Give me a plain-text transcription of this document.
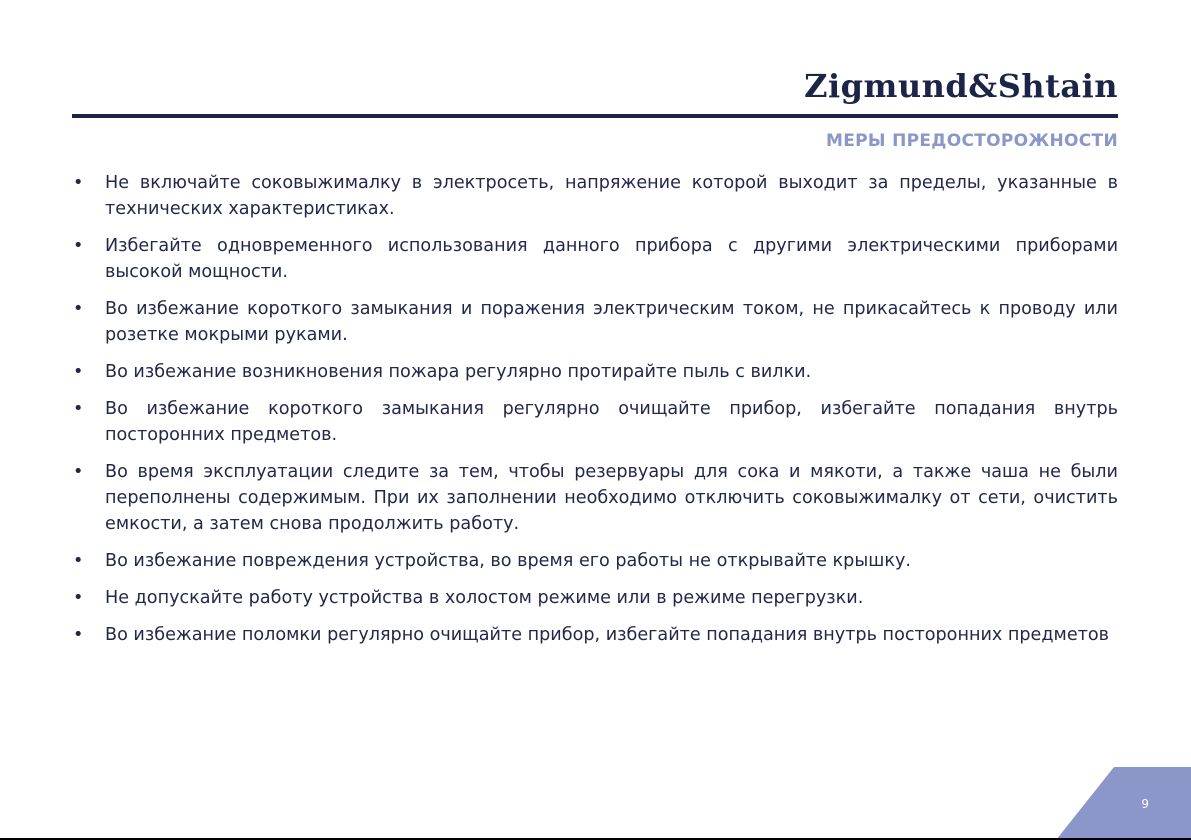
Zigmund&Shtain
МЕРЫ ПРЕДОСТОРОЖНОСТИ
• Не включайте соковыжималку в электросеть, напряжение которой выходит за пределы, указанные в технических характеристиках.
• Избегайте одновременного использования данного прибора с другими электрическими приборами высокой мощности.
• Во избежание короткого замыкания и поражения электрическим током, не прикасайтесь к проводу или розетке мокрыми руками.
• Во избежание возникновения пожара регулярно протирайте пыль с вилки.
• Во избежание короткого замыкания регулярно очищайте прибор, избегайте попадания внутрь посторонних предметов.
• Во время эксплуатации следите за тем, чтобы резервуары для сока и мякоти, а также чаша не были переполнены содержимым. При их заполнении необходимо отключить соковыжималку от сети, очистить емкости, а затем снова продолжить работу.
• Во избежание повреждения устройства, во время его работы не открывайте крышку.
• Не допускайте работу устройства в холостом режиме или в режиме перегрузки.
• Во избежание поломки регулярно очищайте прибор, избегайте попадания внутрь посторонних предметов
9
